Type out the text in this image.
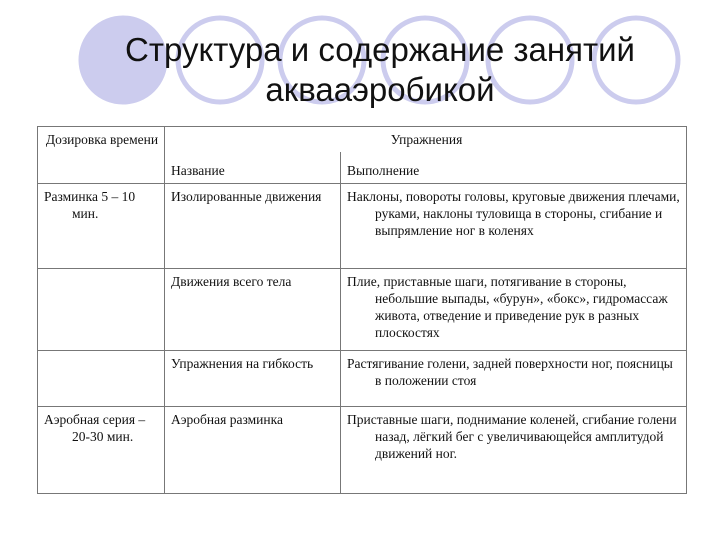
Структура и содержание занятий
аквааэробикой
Дозировка времени	Упражнения	

	Название	Выполнение

Разминка 5 – 10 мин.	Изолированные движения	Наклоны, повороты головы, круговые движения плечами, руками, наклоны туловища в стороны, сгибание и выпрямление ног в коленях

	Движения всего тела	Плие, приставные шаги, потягивание в стороны, небольшие выпады, «бурун», «бокс», гидромассаж живота, отведение и приведение рук в разных плоскостях

	Упражнения на гибкость	Растягивание голени, задней поверхности ног, поясницы в положении стоя

Аэробная серия – 20-30 мин.	Аэробная разминка	Приставные шаги, поднимание коленей, сгибание голени назад, лёгкий бег с увеличивающейся амплитудой движений ног.
